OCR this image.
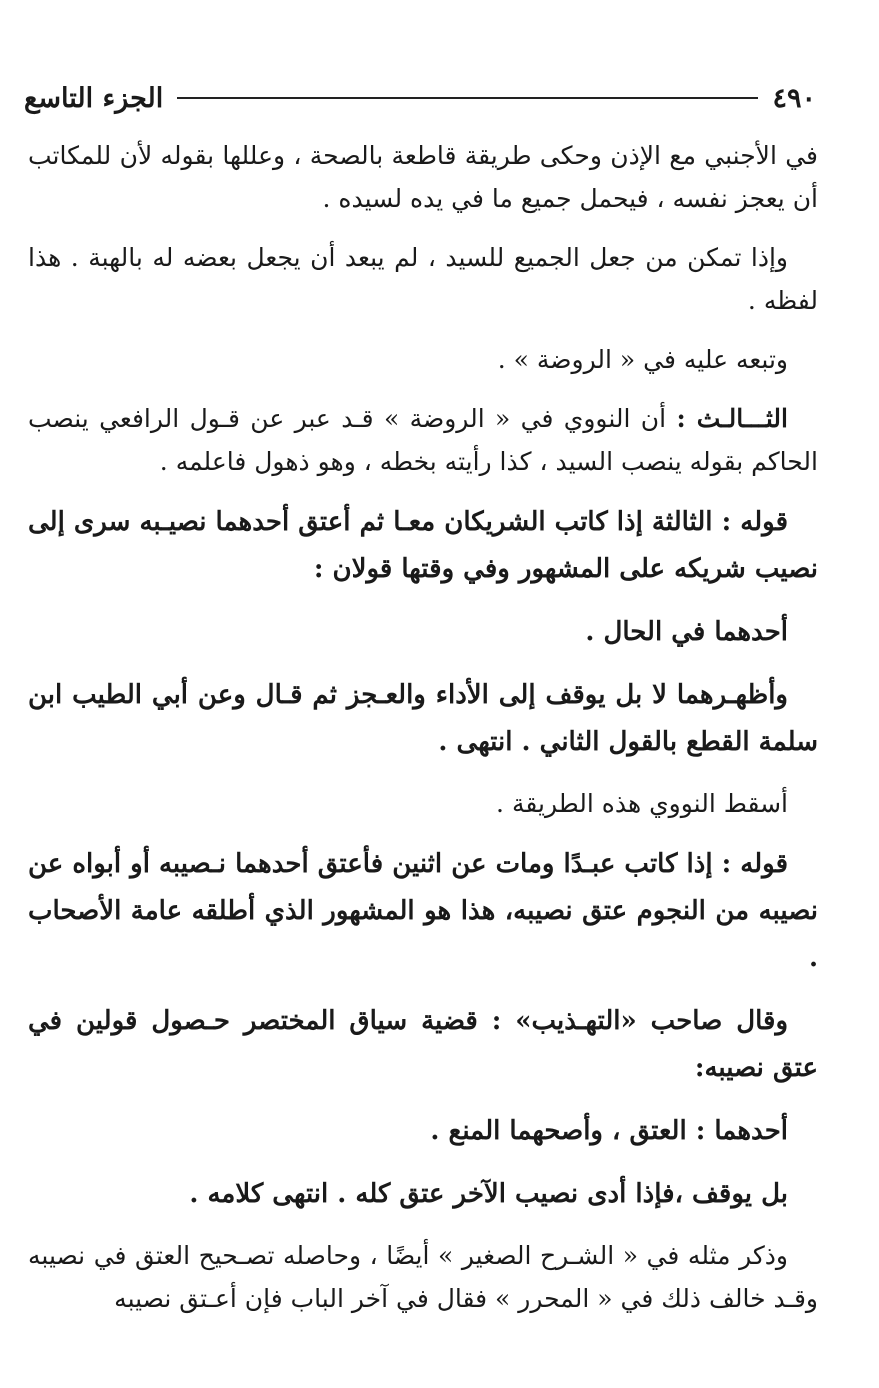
٤٩٠
الجزء التاسع

في الأجنبي مع الإذن وحكى طريقة قاطعة بالصحة ، وعللها بقوله لأن للمكاتب أن يعجز نفسه ، فيحمل جميع ما في يده لسيده .

وإذا تمكن من جعل الجميع للسيد ، لم يبعد أن يجعل بعضه له بالهبة . هذا لفظه .

وتبعه عليه في « الروضة » .

الثـــالـث : أن النووي في « الروضة » قـد عبر عن قـول الرافعي ينصب الحاكم بقوله ينصب السيد ، كذا رأيته بخطه ، وهو ذهول فاعلمه .

قوله : الثالثة إذا كاتب الشريكان معـا ثم أعتق أحدهما نصيـبه سرى إلى نصيب شريكه على المشهور وفي وقتها قولان :

أحدهما في الحال .

وأظهـرهما لا بل يوقف إلى الأداء والعـجز ثم قـال وعن أبي الطيب ابن سلمة القطع بالقول الثاني . انتهى .

أسقط النووي هذه الطريقة .

قوله : إذا كاتب عبـدًا ومات عن اثنين فأعتق أحدهما نـصيبه أو أبواه عن نصيبه من النجوم عتق نصيبه، هذا هو المشهور الذي أطلقه عامة الأصحاب .

وقال صاحب «التهـذيب» : قضية سياق المختصر حـصول قولين في عتق نصيبه:

أحدهما : العتق ، وأصحهما المنع .

بل يوقف ،فإذا أدى نصيب الآخر عتق كله . انتهى كلامه .

وذكر مثله في « الشـرح الصغير » أيضًا ، وحاصله تصـحيح العتق في نصيبه وقـد خالف ذلك في « المحرر » فقال في آخر الباب فإن أعـتق نصيبه
